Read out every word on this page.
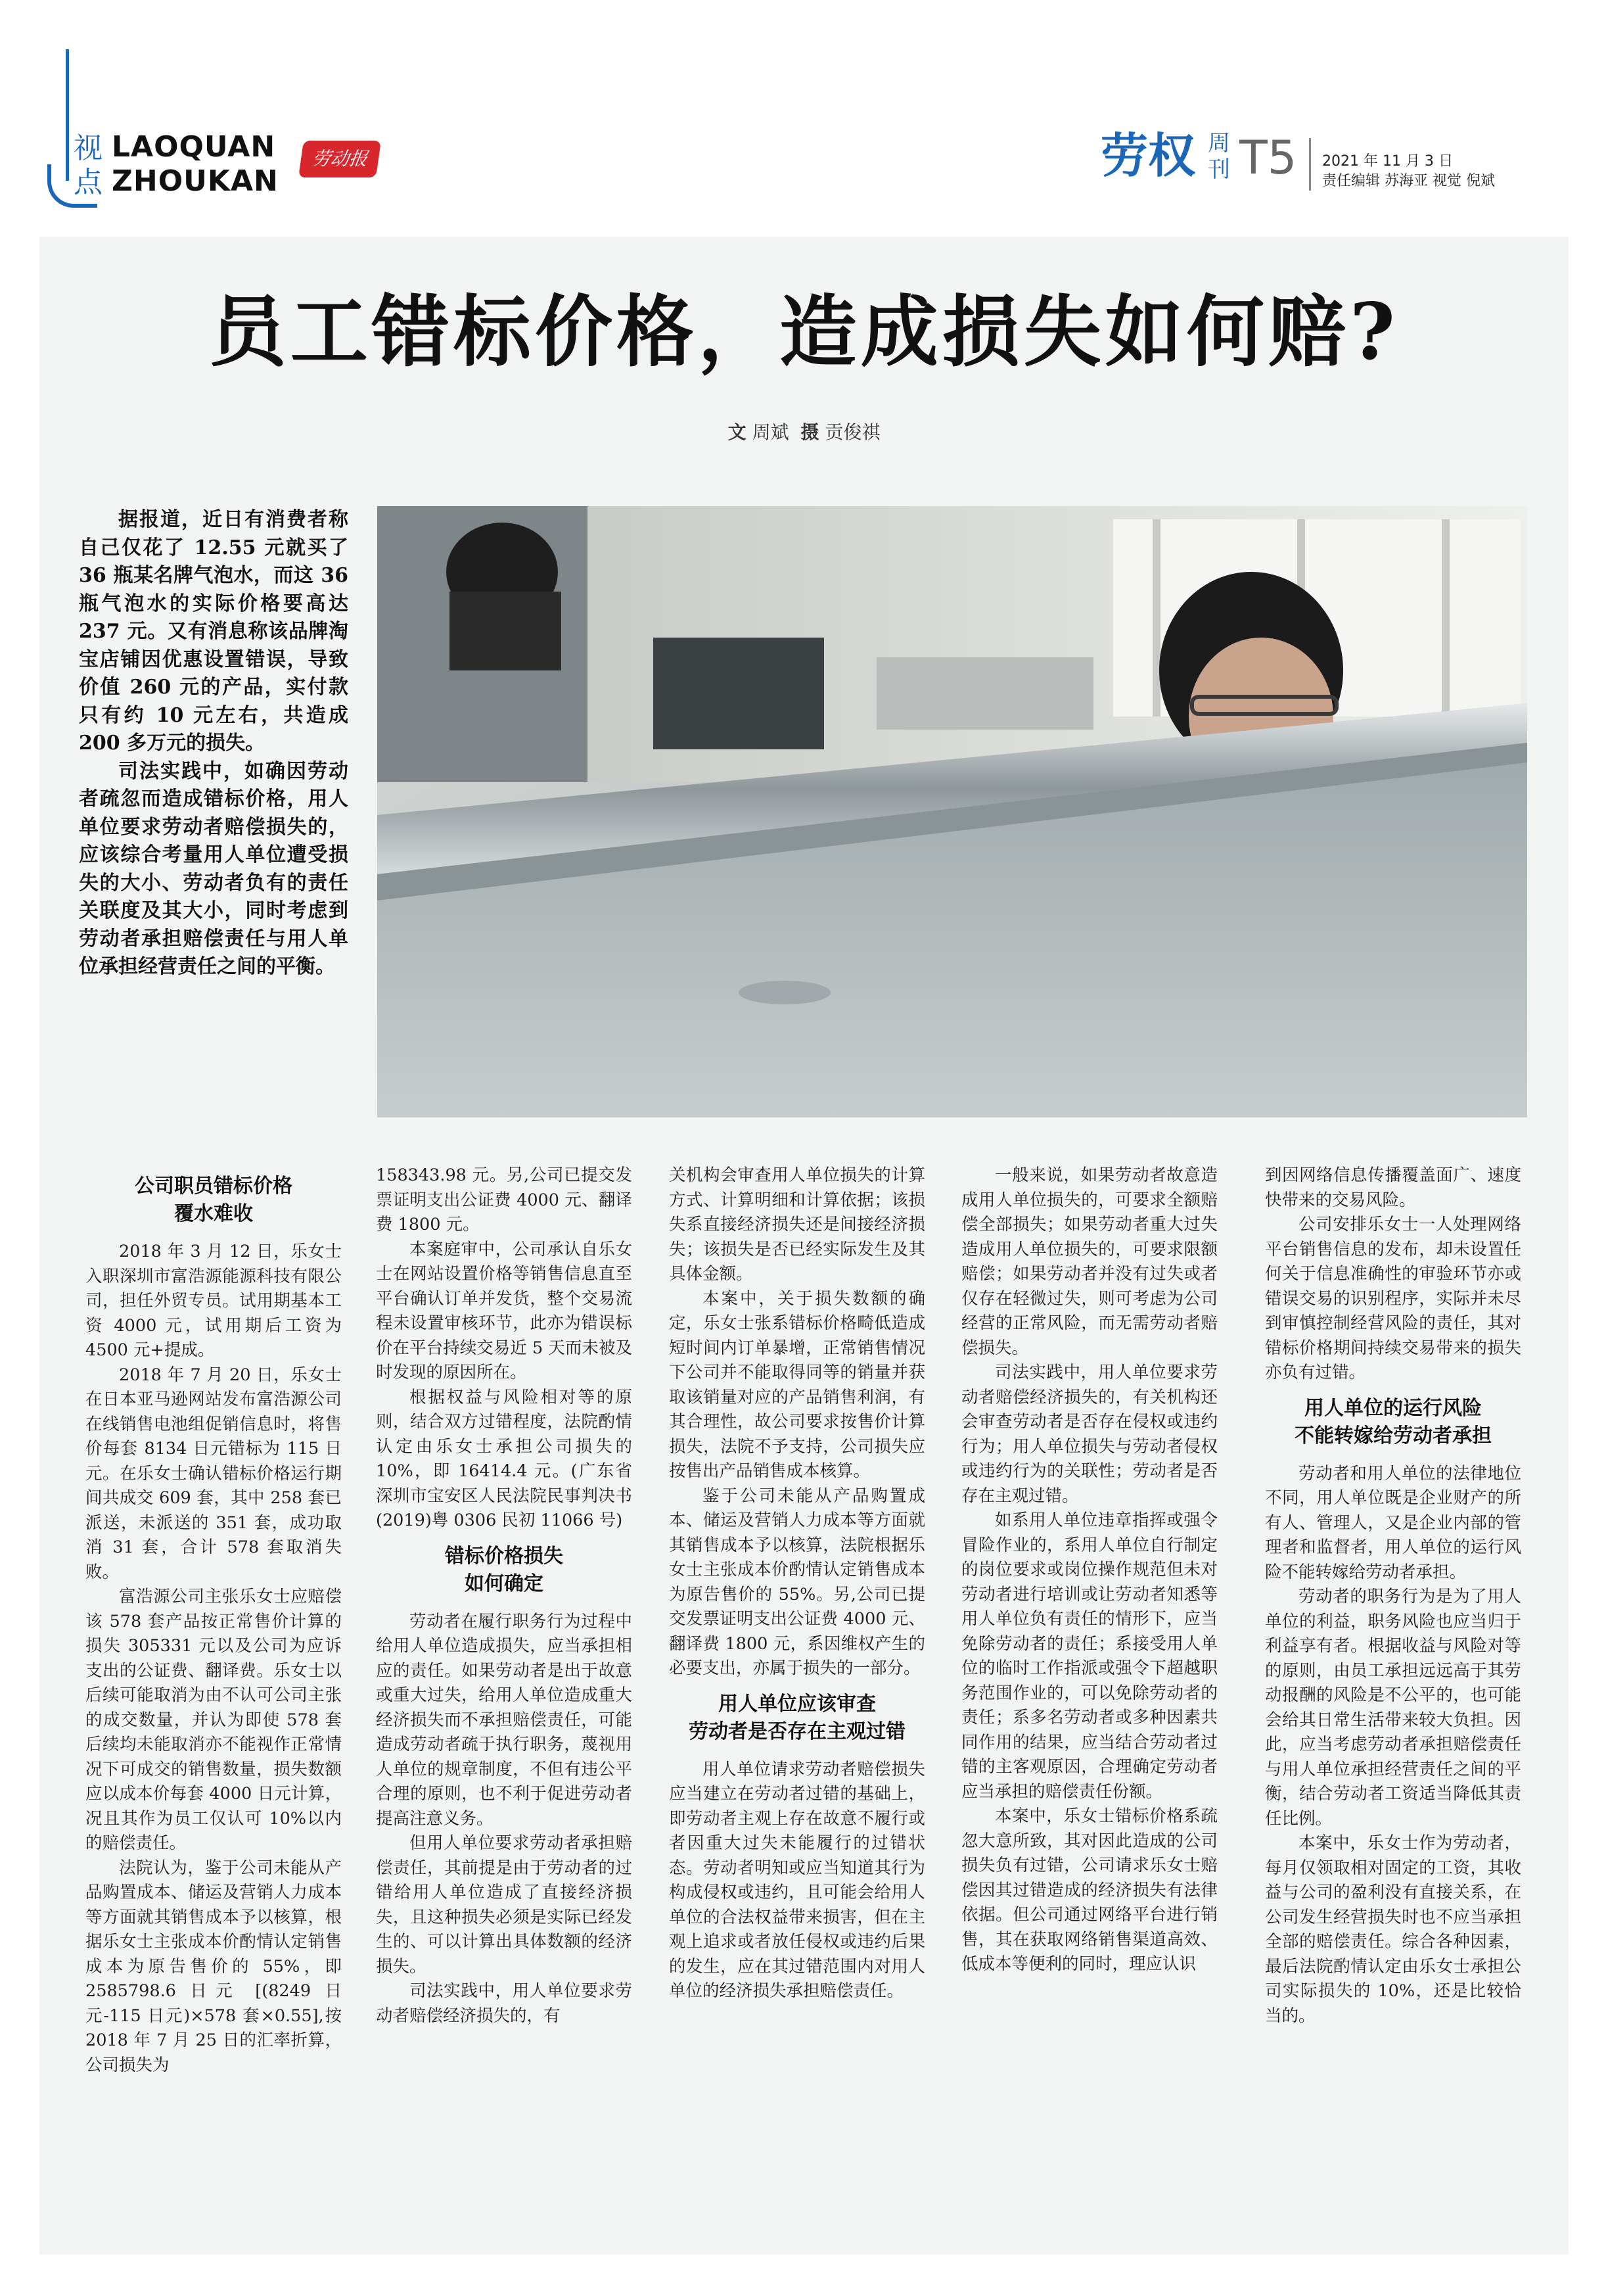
视点
LAOQUAN
ZHOUKAN
劳动报	劳权 周刊 T5 2021 年 11 月 3 日
责任编辑 苏海亚 视觉 倪斌
员工错标价格，造成损失如何赔?
文 周斌 摄 贡俊祺

据报道，近日有消费者称自己仅花了 12.55 元就买了 36 瓶某名牌气泡水，而这 36 瓶气泡水的实际价格要高达 237 元。又有消息称该品牌淘宝店铺因优惠设置错误，导致价值 260 元的产品，实付款只有约 10 元左右，共造成 200 多万元的损失。

司法实践中，如确因劳动者疏忽而造成错标价格，用人单位要求劳动者赔偿损失的，应该综合考量用人单位遭受损失的大小、劳动者负有的责任关联度及其大小，同时考虑到劳动者承担赔偿责任与用人单位承担经营责任之间的平衡。

公司职员错标价格
覆水难收

2018 年 3 月 12 日，乐女士入职深圳市富浩源能源科技有限公司，担任外贸专员。试用期基本工资 4000 元，试用期后工资为 4500 元+提成。

2018 年 7 月 20 日，乐女士在日本亚马逊网站发布富浩源公司在线销售电池组促销信息时，将售价每套 8134 日元错标为 115 日元。在乐女士确认错标价格运行期间共成交 609 套，其中 258 套已派送，未派送的 351 套，成功取消 31 套，合计 578 套取消失败。

富浩源公司主张乐女士应赔偿该 578 套产品按正常售价计算的损失 305331 元以及公司为应诉支出的公证费、翻译费。乐女士以后续可能取消为由不认可公司主张的成交数量，并认为即使 578 套后续均未能取消亦不能视作正常情况下可成交的销售数量，损失数额应以成本价每套 4000 日元计算，况且其作为员工仅认可 10%以内的赔偿责任。

法院认为，鉴于公司未能从产品购置成本、储运及营销人力成本等方面就其销售成本予以核算，根据乐女士主张成本价酌情认定销售成本为原告售价的 55%，即 2585798.6 日元 [(8249 日元-115 日元)×578 套×0.55],按 2018 年 7 月 25 日的汇率折算，公司损失为

158343.98 元。另,公司已提交发票证明支出公证费 4000 元、翻译费 1800 元。

本案庭审中，公司承认自乐女士在网站设置价格等销售信息直至平台确认订单并发货，整个交易流程未设置审核环节，此亦为错误标价在平台持续交易近 5 天而未被及时发现的原因所在。

根据权益与风险相对等的原则，结合双方过错程度，法院酌情认定由乐女士承担公司损失的 10%，即 16414.4 元。(广东省深圳市宝安区人民法院民事判决书(2019)粤 0306 民初 11066 号)

错标价格损失
如何确定

劳动者在履行职务行为过程中给用人单位造成损失，应当承担相应的责任。如果劳动者是出于故意或重大过失，给用人单位造成重大经济损失而不承担赔偿责任，可能造成劳动者疏于执行职务，蔑视用人单位的规章制度，不但有违公平合理的原则，也不利于促进劳动者提高注意义务。

但用人单位要求劳动者承担赔偿责任，其前提是由于劳动者的过错给用人单位造成了直接经济损失，且这种损失必须是实际已经发生的、可以计算出具体数额的经济损失。

司法实践中，用人单位要求劳动者赔偿经济损失的，有

关机构会审查用人单位损失的计算方式、计算明细和计算依据；该损失系直接经济损失还是间接经济损失；该损失是否已经实际发生及其具体金额。

本案中，关于损失数额的确定，乐女士张系错标价格畸低造成短时间内订单暴增，正常销售情况下公司并不能取得同等的销量并获取该销量对应的产品销售利润，有其合理性，故公司要求按售价计算损失，法院不予支持，公司损失应按售出产品销售成本核算。

鉴于公司未能从产品购置成本、储运及营销人力成本等方面就其销售成本予以核算，法院根据乐女士主张成本价酌情认定销售成本为原告售价的 55%。另,公司已提交发票证明支出公证费 4000 元、翻译费 1800 元，系因维权产生的必要支出，亦属于损失的一部分。

用人单位应该审查
劳动者是否存在主观过错

用人单位请求劳动者赔偿损失应当建立在劳动者过错的基础上，即劳动者主观上存在故意不履行或者因重大过失未能履行的过错状态。劳动者明知或应当知道其行为构成侵权或违约，且可能会给用人单位的合法权益带来损害，但在主观上追求或者放任侵权或违约后果的发生，应在其过错范围内对用人单位的经济损失承担赔偿责任。

一般来说，如果劳动者故意造成用人单位损失的，可要求全额赔偿全部损失；如果劳动者重大过失造成用人单位损失的，可要求限额赔偿；如果劳动者并没有过失或者仅存在轻微过失，则可考虑为公司经营的正常风险，而无需劳动者赔偿损失。

司法实践中，用人单位要求劳动者赔偿经济损失的，有关机构还会审查劳动者是否存在侵权或违约行为；用人单位损失与劳动者侵权或违约行为的关联性；劳动者是否存在主观过错。

如系用人单位违章指挥或强令冒险作业的，系用人单位自行制定的岗位要求或岗位操作规范但未对劳动者进行培训或让劳动者知悉等用人单位负有责任的情形下，应当免除劳动者的责任；系接受用人单位的临时工作指派或强令下超越职务范围作业的，可以免除劳动者的责任；系多名劳动者或多种因素共同作用的结果，应当结合劳动者过错的主客观原因，合理确定劳动者应当承担的赔偿责任份额。

本案中，乐女士错标价格系疏忽大意所致，其对因此造成的公司损失负有过错，公司请求乐女士赔偿因其过错造成的经济损失有法律依据。但公司通过网络平台进行销售，其在获取网络销售渠道高效、低成本等便利的同时，理应认识

到因网络信息传播覆盖面广、速度快带来的交易风险。

公司安排乐女士一人处理网络平台销售信息的发布，却未设置任何关于信息准确性的审验环节亦或错误交易的识别程序，实际并未尽到审慎控制经营风险的责任，其对错标价格期间持续交易带来的损失亦负有过错。

用人单位的运行风险
不能转嫁给劳动者承担

劳动者和用人单位的法律地位不同，用人单位既是企业财产的所有人、管理人，又是企业内部的管理者和监督者，用人单位的运行风险不能转嫁给劳动者承担。

劳动者的职务行为是为了用人单位的利益，职务风险也应当归于利益享有者。根据收益与风险对等的原则，由员工承担远远高于其劳动报酬的风险是不公平的，也可能会给其日常生活带来较大负担。因此，应当考虑劳动者承担赔偿责任与用人单位承担经营责任之间的平衡，结合劳动者工资适当降低其责任比例。

本案中，乐女士作为劳动者，每月仅领取相对固定的工资，其收益与公司的盈利没有直接关系，在公司发生经营损失时也不应当承担全部的赔偿责任。综合各种因素，最后法院酌情认定由乐女士承担公司实际损失的 10%，还是比较恰当的。
